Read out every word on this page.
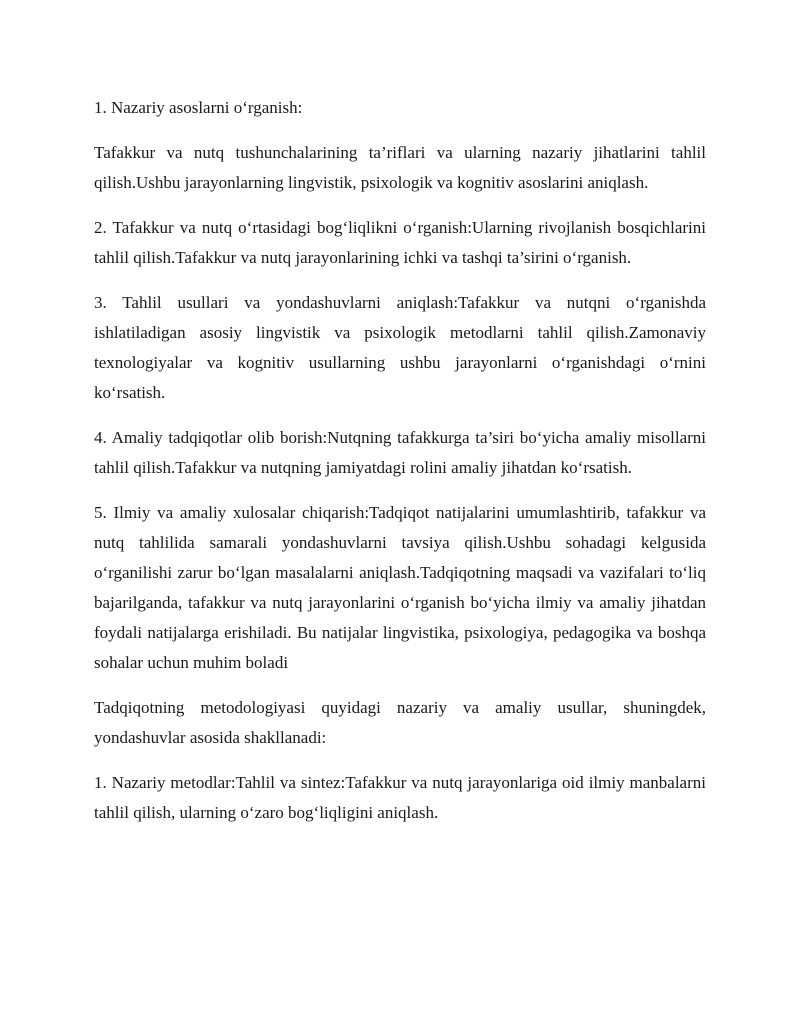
1. Nazariy asoslarni o‘rganish:

Tafakkur va nutq tushunchalarining ta’riflari va ularning nazariy jihatlarini tahlil qilish.Ushbu jarayonlarning lingvistik, psixologik va kognitiv asoslarini aniqlash.

2. Tafakkur va nutq o‘rtasidagi bog‘liqlikni o‘rganish:Ularning rivojlanish bosqichlarini tahlil qilish.Tafakkur va nutq jarayonlarining ichki va tashqi ta’sirini o‘rganish.

3. Tahlil usullari va yondashuvlarni aniqlash:Tafakkur va nutqni o‘rganishda ishlatiladigan asosiy lingvistik va psixologik metodlarni tahlil qilish.Zamonaviy texnologiyalar va kognitiv usullarning ushbu jarayonlarni o‘rganishdagi o‘rnini ko‘rsatish.

4. Amaliy tadqiqotlar olib borish:Nutqning tafakkurga ta’siri bo‘yicha amaliy misollarni tahlil qilish.Tafakkur va nutqning jamiyatdagi rolini amaliy jihatdan ko‘rsatish.

5. Ilmiy va amaliy xulosalar chiqarish:Tadqiqot natijalarini umumlashtirib, tafakkur va nutq tahlilida samarali yondashuvlarni tavsiya qilish.Ushbu sohadagi kelgusida o‘rganilishi zarur bo‘lgan masalalarni aniqlash.Tadqiqotning maqsadi va vazifalari to‘liq bajarilganda, tafakkur va nutq jarayonlarini o‘rganish bo‘yicha ilmiy va amaliy jihatdan foydali natijalarga erishiladi. Bu natijalar lingvistika, psixologiya, pedagogika va boshqa sohalar uchun muhim boladi

Tadqiqotning metodologiyasi quyidagi nazariy va amaliy usullar, shuningdek, yondashuvlar asosida shakllanadi:

1. Nazariy metodlar:Tahlil va sintez:Tafakkur va nutq jarayonlariga oid ilmiy manbalarni tahlil qilish, ularning o‘zaro bog‘liqligini aniqlash.
